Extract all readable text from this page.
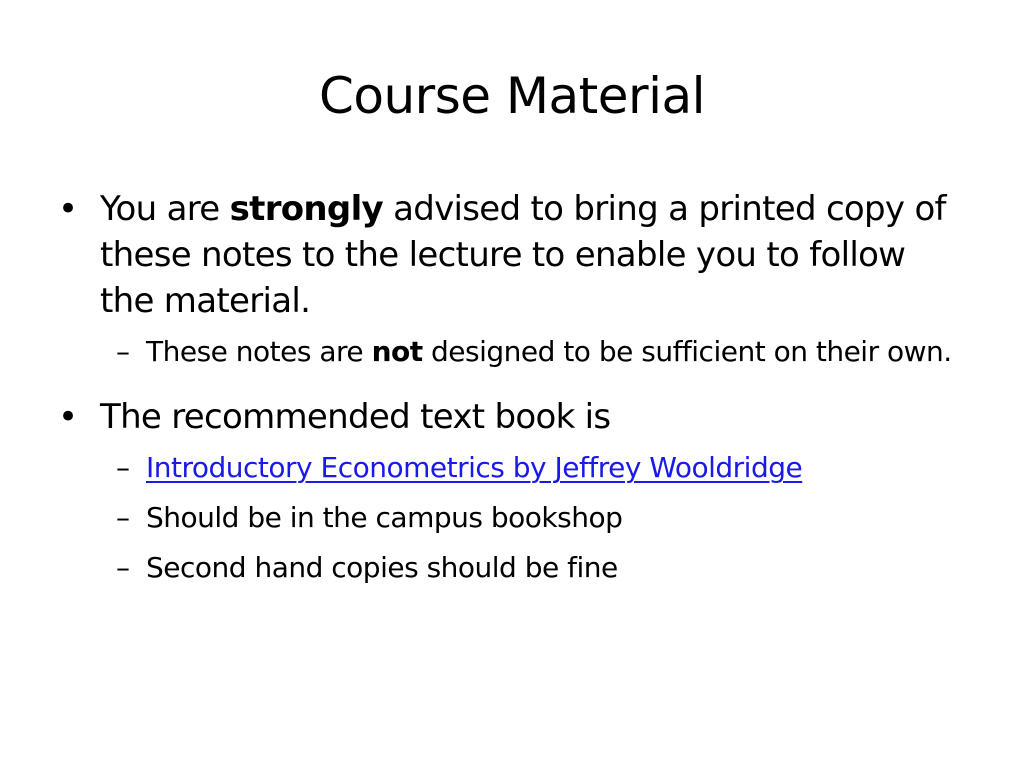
Course Material
• You are strongly advised to bring a printed copy of these notes to the lecture to enable you to follow the material.
– These notes are not designed to be sufficient on their own.
• The recommended text book is
– Introductory Econometrics by Jeffrey Wooldridge
– Should be in the campus bookshop
– Second hand copies should be fine
